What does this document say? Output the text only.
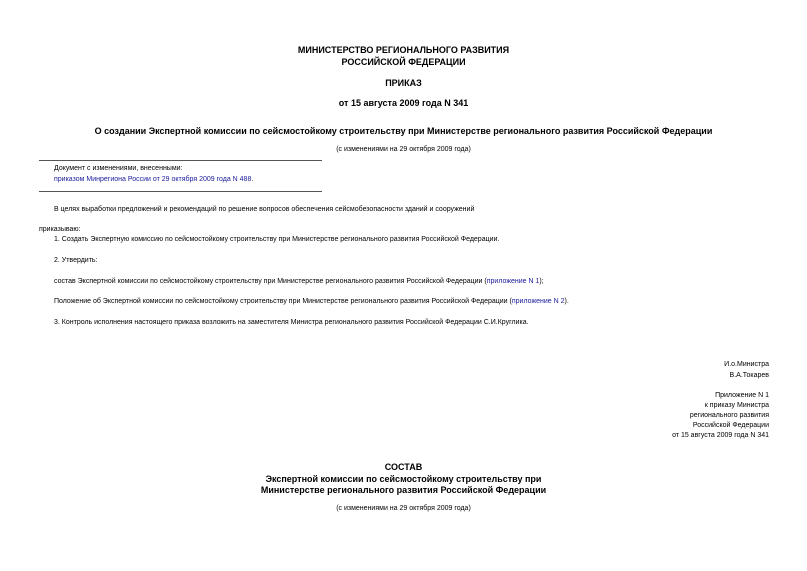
МИНИСТЕРСТВО РЕГИОНАЛЬНОГО РАЗВИТИЯ
РОССИЙСКОЙ ФЕДЕРАЦИИ
ПРИКАЗ
от 15 августа 2009 года N 341
О создании Экспертной комиссии по сейсмостойкому строительству при Министерстве регионального развития Российской Федерации
(с изменениями на 29 октября 2009 года)
Документ с изменениями, внесенными:
приказом Минрегиона России от 29 октября 2009 года N 488.
В целях выработки предложений и рекомендаций по решение вопросов обеспечения сейсмобезопасности зданий и сооружений
приказываю:
1. Создать Экспертную комиссию по сейсмостойкому строительству при Министерстве регионального развития Российской Федерации.
2. Утвердить:
состав Экспертной комиссии по сейсмостойкому строительству при Министерстве регионального развития Российской Федерации (приложение N 1);
Положение об Экспертной комиссии по сейсмостойкому строительству при Министерстве регионального развития Российской Федерации (приложение N 2).
3. Контроль исполнения настоящего приказа возложить на заместителя Министра регионального развития Российской Федерации С.И.Круглика.
И.о.Министра
В.А.Токарев
Приложение N 1
к приказу Министра
регионального развития
Российской Федерации
от 15 августа 2009 года N 341
СОСТАВ
Экспертной комиссии по сейсмостойкому строительству при
Министерстве регионального развития Российской Федерации
(с изменениями на 29 октября 2009 года)
